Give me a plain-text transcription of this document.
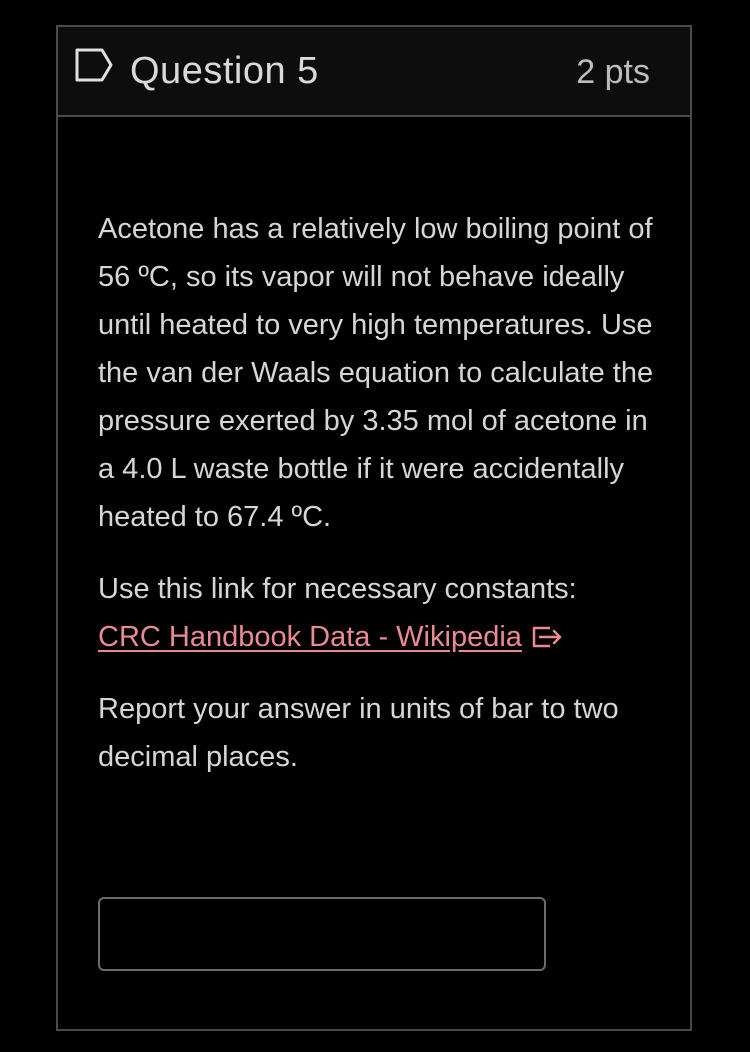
Question 5	2 pts

Acetone has a relatively low boiling point of 56 ºC, so its vapor will not behave ideally until heated to very high temperatures. Use the van der Waals equation to calculate the pressure exerted by 3.35 mol of acetone in a 4.0 L waste bottle if it were accidentally heated to 67.4 ºC.

Use this link for necessary constants:
CRC Handbook Data - Wikipedia

Report your answer in units of bar to two decimal places.
